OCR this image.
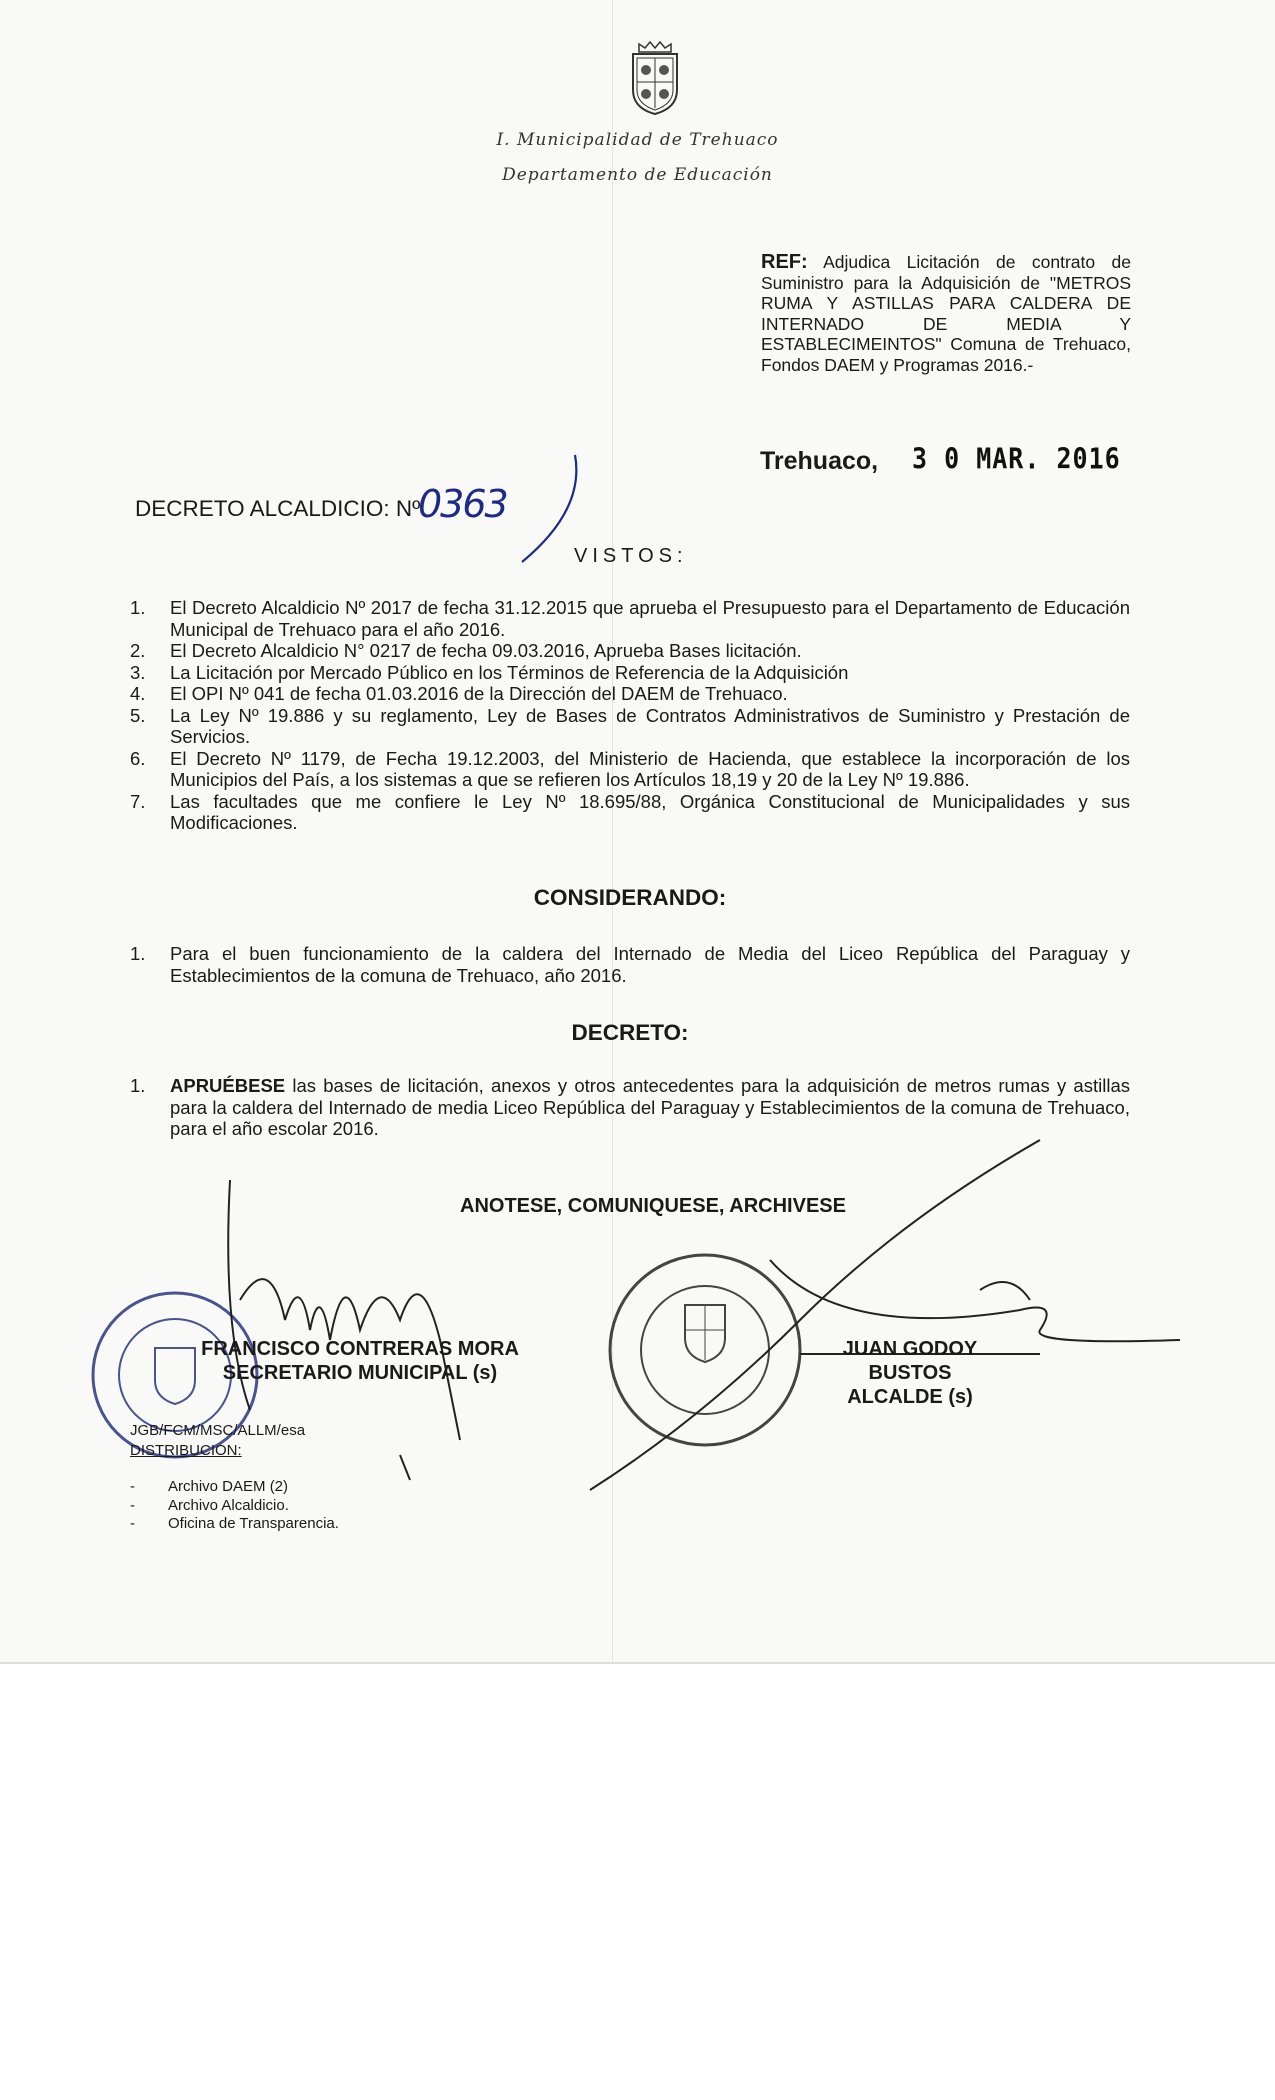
I. Municipalidad de Trehuaco
Departamento de Educación
REF: Adjudica Licitación de contrato de Suministro para la Adquisición de "METROS RUMA Y ASTILLAS PARA CALDERA DE INTERNADO DE MEDIA Y ESTABLECIMEINTOS" Comuna de Trehuaco, Fondos DAEM y Programas 2016.-
Trehuaco, 3 0 MAR. 2016
DECRETO ALCALDICIO: Nº
0363
VISTOS:
1.	El Decreto Alcaldicio Nº 2017 de fecha 31.12.2015 que aprueba el Presupuesto para el Departamento de Educación Municipal de Trehuaco para el año 2016.
2.	El Decreto Alcaldicio N° 0217 de fecha 09.03.2016, Aprueba Bases licitación.
3.	La Licitación por Mercado Público en los Términos de Referencia de la Adquisición
4.	El OPI Nº 041 de fecha 01.03.2016 de la Dirección del DAEM de Trehuaco.
5.	La Ley Nº 19.886 y su reglamento, Ley de Bases de Contratos Administrativos de Suministro y Prestación de Servicios.
6.	El Decreto Nº 1179, de Fecha 19.12.2003, del Ministerio de Hacienda, que establece la incorporación de los Municipios del País, a los sistemas a que se refieren los Artículos 18,19 y 20 de la Ley Nº 19.886.
7.	Las facultades que me confiere le Ley Nº 18.695/88, Orgánica Constitucional de Municipalidades y sus Modificaciones.
CONSIDERANDO:
1.	Para el buen funcionamiento de la caldera del Internado de Media del Liceo República del Paraguay y Establecimientos de la comuna de Trehuaco, año 2016.
DECRETO:
1.	APRUÉBESE las bases de licitación, anexos y otros antecedentes para la adquisición de metros rumas y astillas para la caldera del Internado de media Liceo República del Paraguay y Establecimientos de la comuna de Trehuaco, para el año escolar 2016.
ANOTESE, COMUNIQUESE, ARCHIVESE
FRANCISCO CONTRERAS MORA
SECRETARIO MUNICIPAL (s)
JUAN GODOY BUSTOS
ALCALDE (s)
JGB/FCM/MSC/ALLM/esa
DISTRIBUCION:
- Archivo DAEM (2)
- Archivo Alcaldicio.
- Oficina de Transparencia.
